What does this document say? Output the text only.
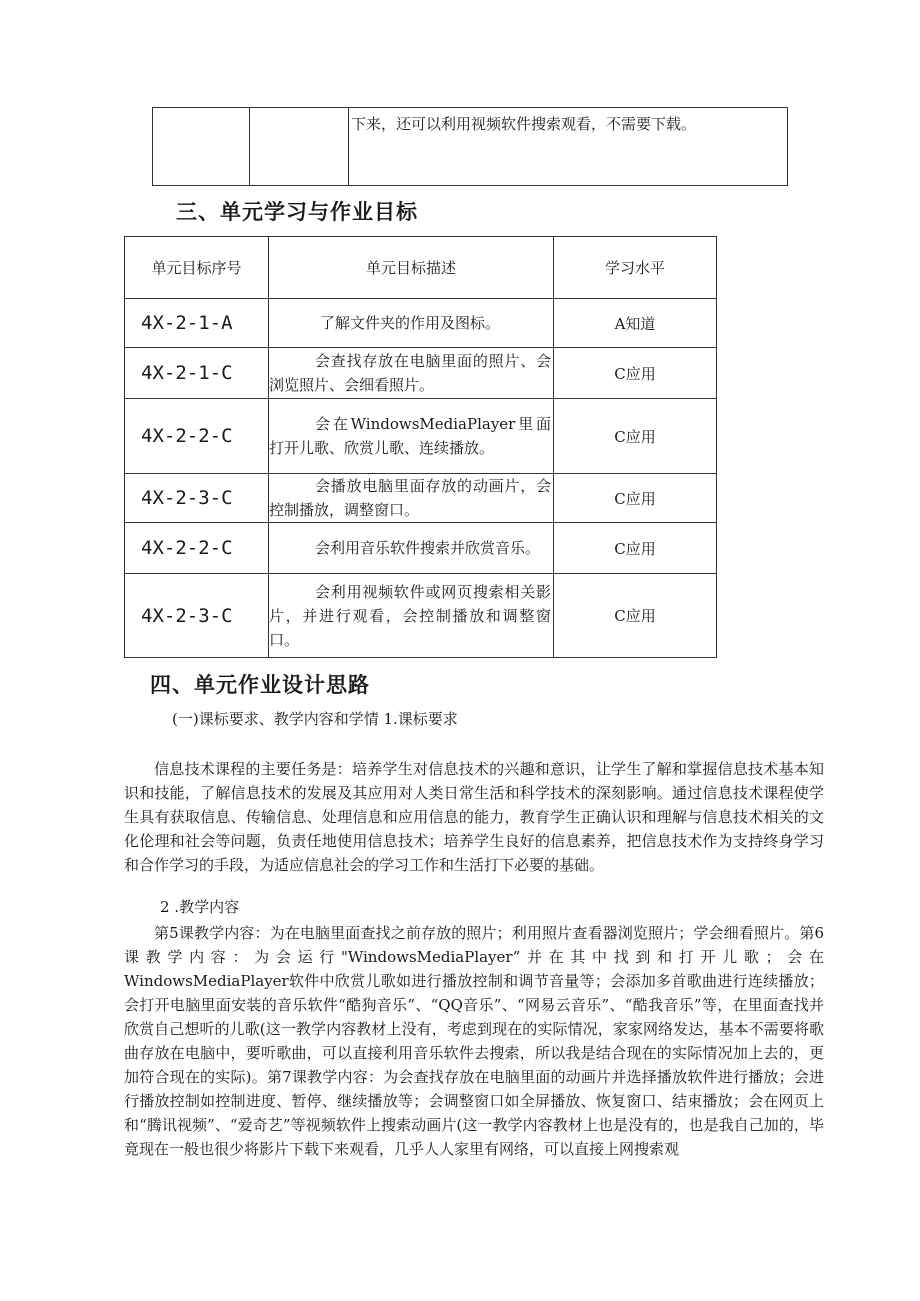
		下来，还可以利用视频软件搜索观看，不需要下载。
三、单元学习与作业目标
单元目标序号	单元目标描述	学习水平
4X-2-1-A	了解文件夹的作用及图标。	A知道
4X-2-1-C	会查找存放在电脑里面的照片、会浏览照片、会细看照片。	C应用
4X-2-2-C	会在WindowsMediaPlayer里面打开儿歌、欣赏儿歌、连续播放。	C应用
4X-2-3-C	会播放电脑里面存放的动画片，会控制播放，调整窗口。	C应用
4X-2-2-C	会利用音乐软件搜索并欣赏音乐。	C应用
4X-2-3-C	会利用视频软件或网页搜索相关影片，并进行观看，会控制播放和调整窗口。	C应用
四、单元作业设计思路

(一)课标要求、教学内容和学情 1.课标要求

信息技术课程的主要任务是：培养学生对信息技术的兴趣和意识，让学生了解和掌握信息技术基本知识和技能，了解信息技术的发展及其应用对人类日常生活和科学技术的深刻影响。通过信息技术课程使学生具有获取信息、传输信息、处理信息和应用信息的能力，教育学生正确认识和理解与信息技术相关的文化伦理和社会等问题，负责任地使用信息技术；培养学生良好的信息素养，把信息技术作为支持终身学习和合作学习的手段，为适应信息社会的学习工作和生活打下必要的基础。

2 .教学内容

第5课教学内容：为在电脑里面查找之前存放的照片；利用照片查看器浏览照片；学会细看照片。第6课教学内容：为会运行"WindowsMediaPlayer”并在其中找到和打开儿歌；会在WindowsMediaPlayer软件中欣赏儿歌如进行播放控制和调节音量等；会添加多首歌曲进行连续播放；会打开电脑里面安装的音乐软件“酷狗音乐”、“QQ音乐”、“网易云音乐”、“酷我音乐”等，在里面查找并欣赏自己想听的儿歌(这一教学内容教材上没有，考虑到现在的实际情况，家家网络发达，基本不需要将歌曲存放在电脑中，要听歌曲，可以直接利用音乐软件去搜索，所以我是结合现在的实际情况加上去的，更加符合现在的实际)。第7课教学内容：为会查找存放在电脑里面的动画片并选择播放软件进行播放；会进行播放控制如控制进度、暂停、继续播放等；会调整窗口如全屏播放、恢复窗口、结束播放；会在网页上和“腾讯视频”、“爱奇艺”等视频软件上搜索动画片(这一教学内容教材上也是没有的，也是我自己加的，毕竟现在一般也很少将影片下载下来观看，几乎人人家里有网络，可以直接上网搜索观
